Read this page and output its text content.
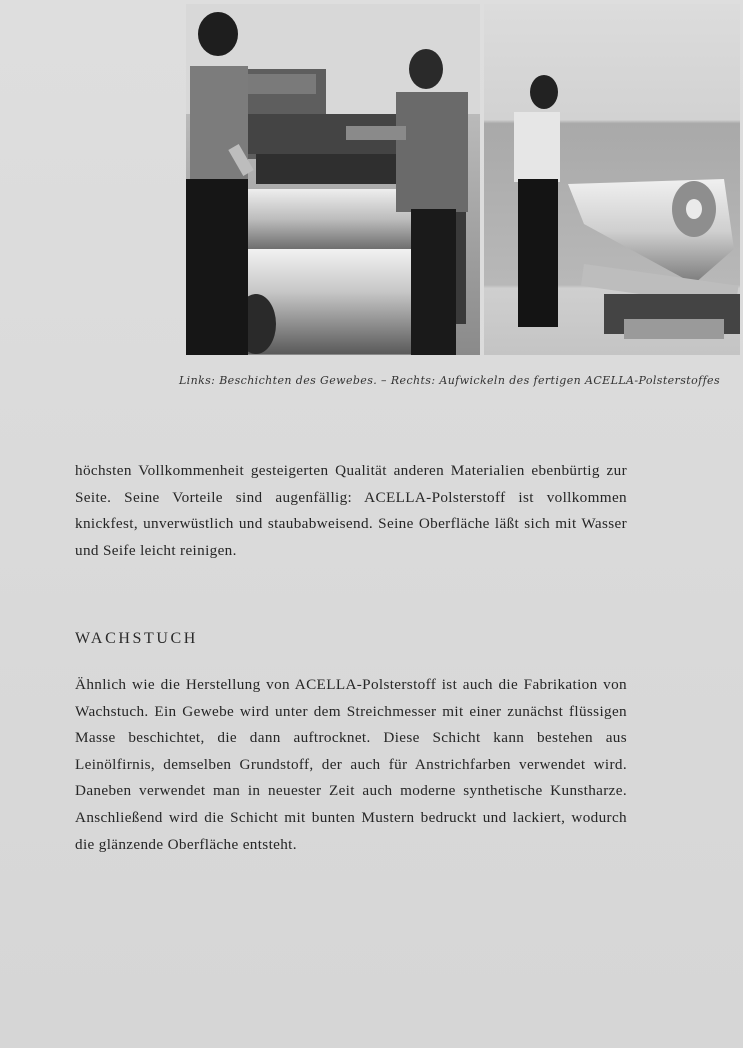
Links: Beschichten des Gewebes. – Rechts: Aufwickeln des fertigen ACELLA-Polsterstoffes

höchsten Vollkommenheit gesteigerten Qualität anderen Materialien ebenbürtig zur Seite. Seine Vorteile sind augenfällig: ACELLA-Polsterstoff ist vollkommen knickfest, unverwüstlich und staubabweisend. Seine Oberfläche läßt sich mit Wasser und Seife leicht reinigen.

WACHSTUCH

Ähnlich wie die Herstellung von ACELLA-Polsterstoff ist auch die Fabrikation von Wachstuch. Ein Gewebe wird unter dem Streichmesser mit einer zunächst flüssigen Masse beschichtet, die dann auftrocknet. Diese Schicht kann bestehen aus Leinölfirnis, demselben Grundstoff, der auch für Anstrichfarben verwendet wird. Daneben verwendet man in neuester Zeit auch moderne synthetische Kunstharze. Anschließend wird die Schicht mit bunten Mustern bedruckt und lackiert, wodurch die glänzende Oberfläche entsteht.
